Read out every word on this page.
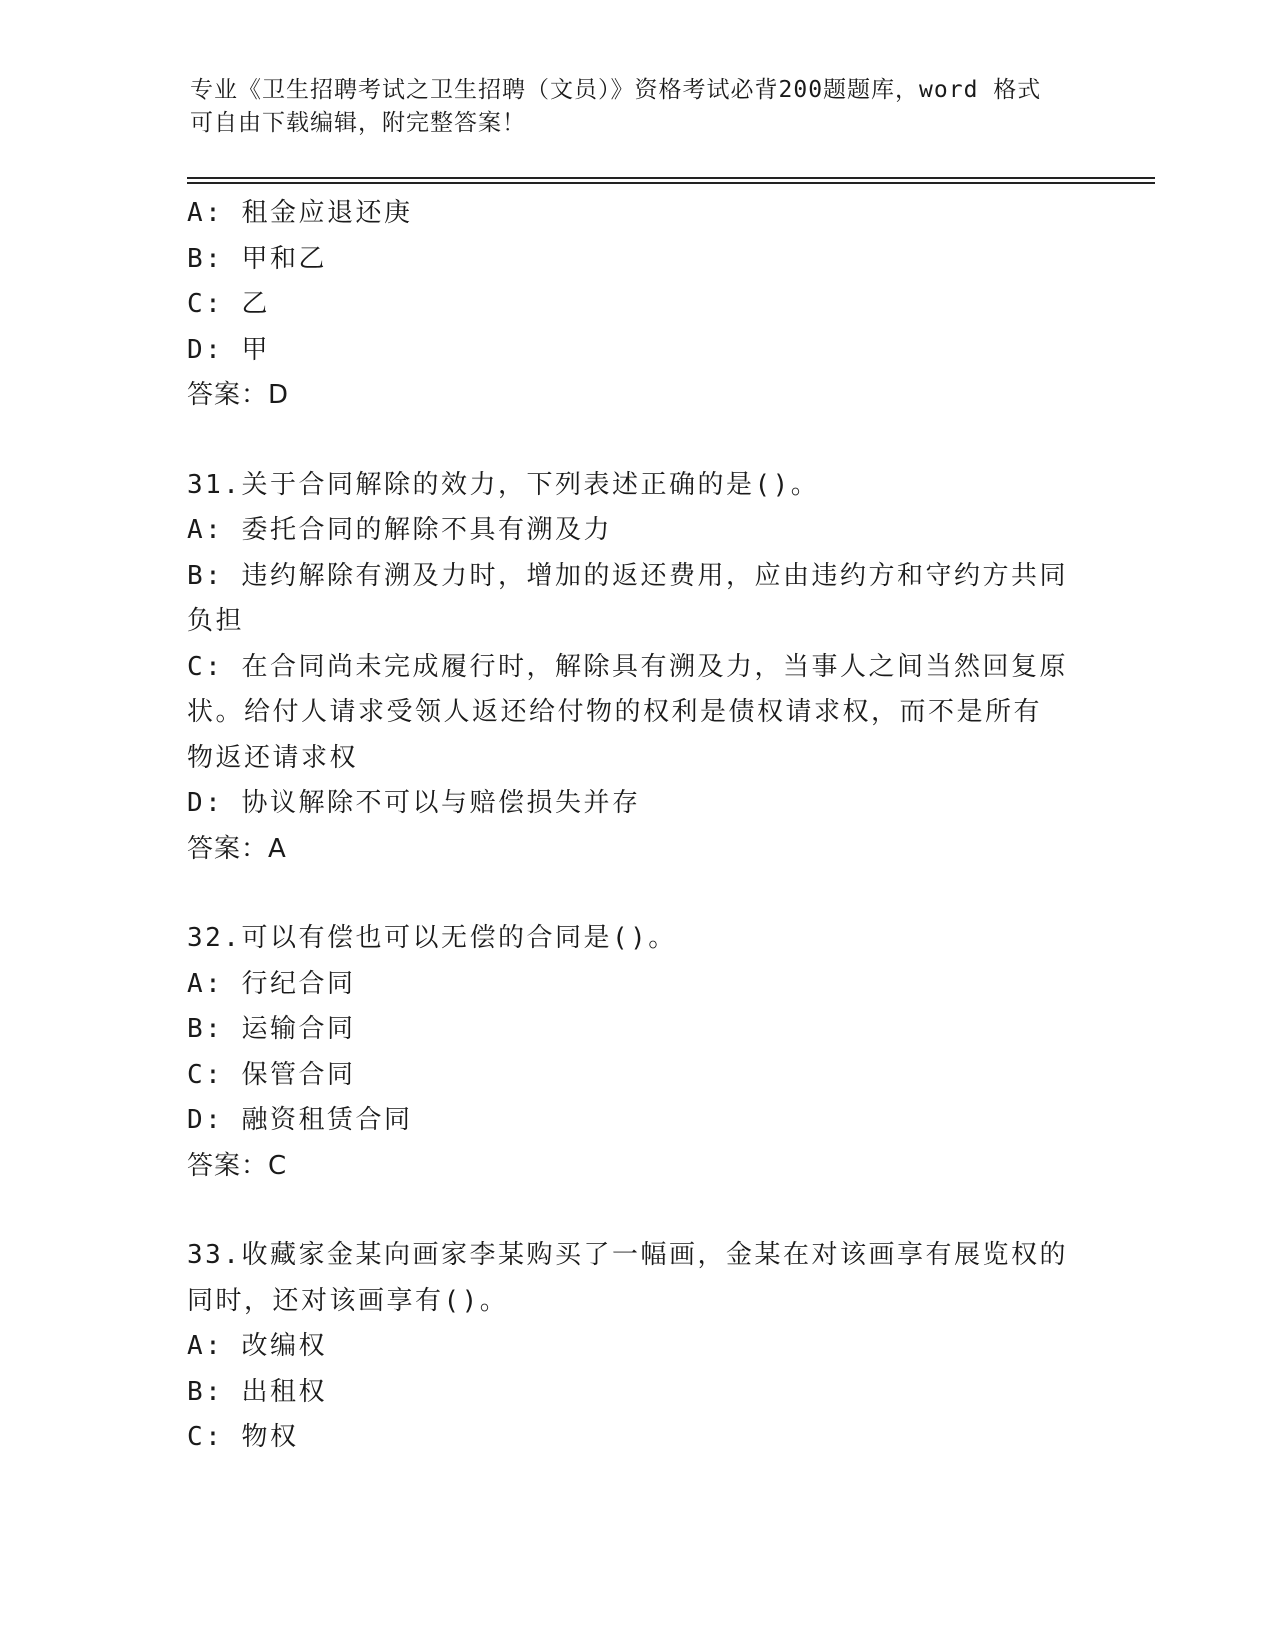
专业《卫生招聘考试之卫生招聘（文员）》资格考试必背200题题库，word 格式
可自由下载编辑，附完整答案！
A: 租金应退还庚
B: 甲和乙
C: 乙
D: 甲
答案：D
31.关于合同解除的效力，下列表述正确的是()。
A: 委托合同的解除不具有溯及力
B: 违约解除有溯及力时，增加的返还费用，应由违约方和守约方共同
负担
C: 在合同尚未完成履行时，解除具有溯及力，当事人之间当然回复原
状。给付人请求受领人返还给付物的权利是债权请求权，而不是所有
物返还请求权
D: 协议解除不可以与赔偿损失并存
答案：A
32.可以有偿也可以无偿的合同是()。
A: 行纪合同
B: 运输合同
C: 保管合同
D: 融资租赁合同
答案：C
33.收藏家金某向画家李某购买了一幅画，金某在对该画享有展览权的
同时，还对该画享有()。
A: 改编权
B: 出租权
C: 物权
